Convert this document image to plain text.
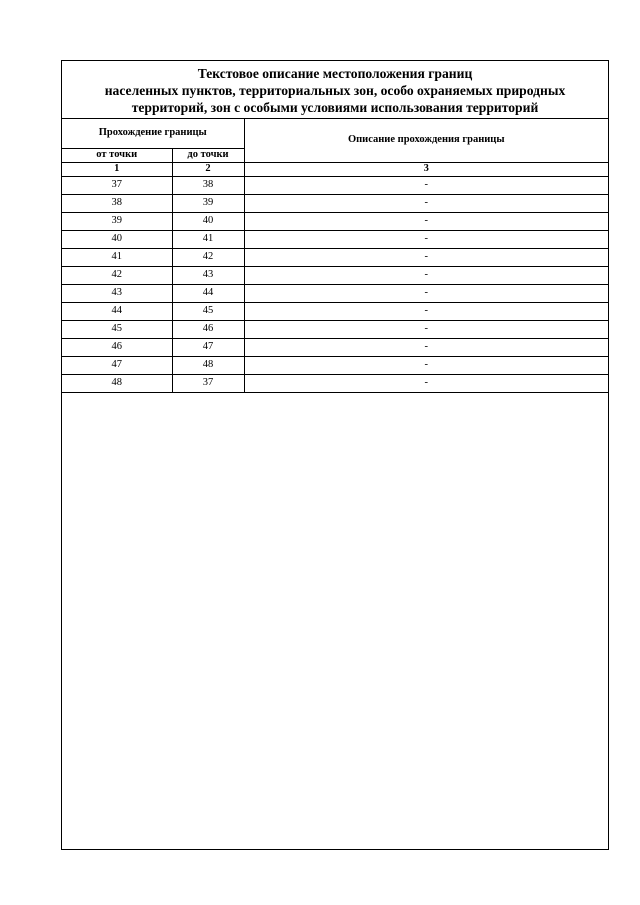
Текстовое описание местоположения границ
населенных пунктов, территориальных зон, особо охраняемых природных
территорий, зон с особыми условиями использования территорий
Прохождение границы		Описание прохождения границы
от точки	до точки	
1	2	3
37	38	-
38	39	-
39	40	-
40	41	-
41	42	-
42	43	-
43	44	-
44	45	-
45	46	-
46	47	-
47	48	-
48	37	-
